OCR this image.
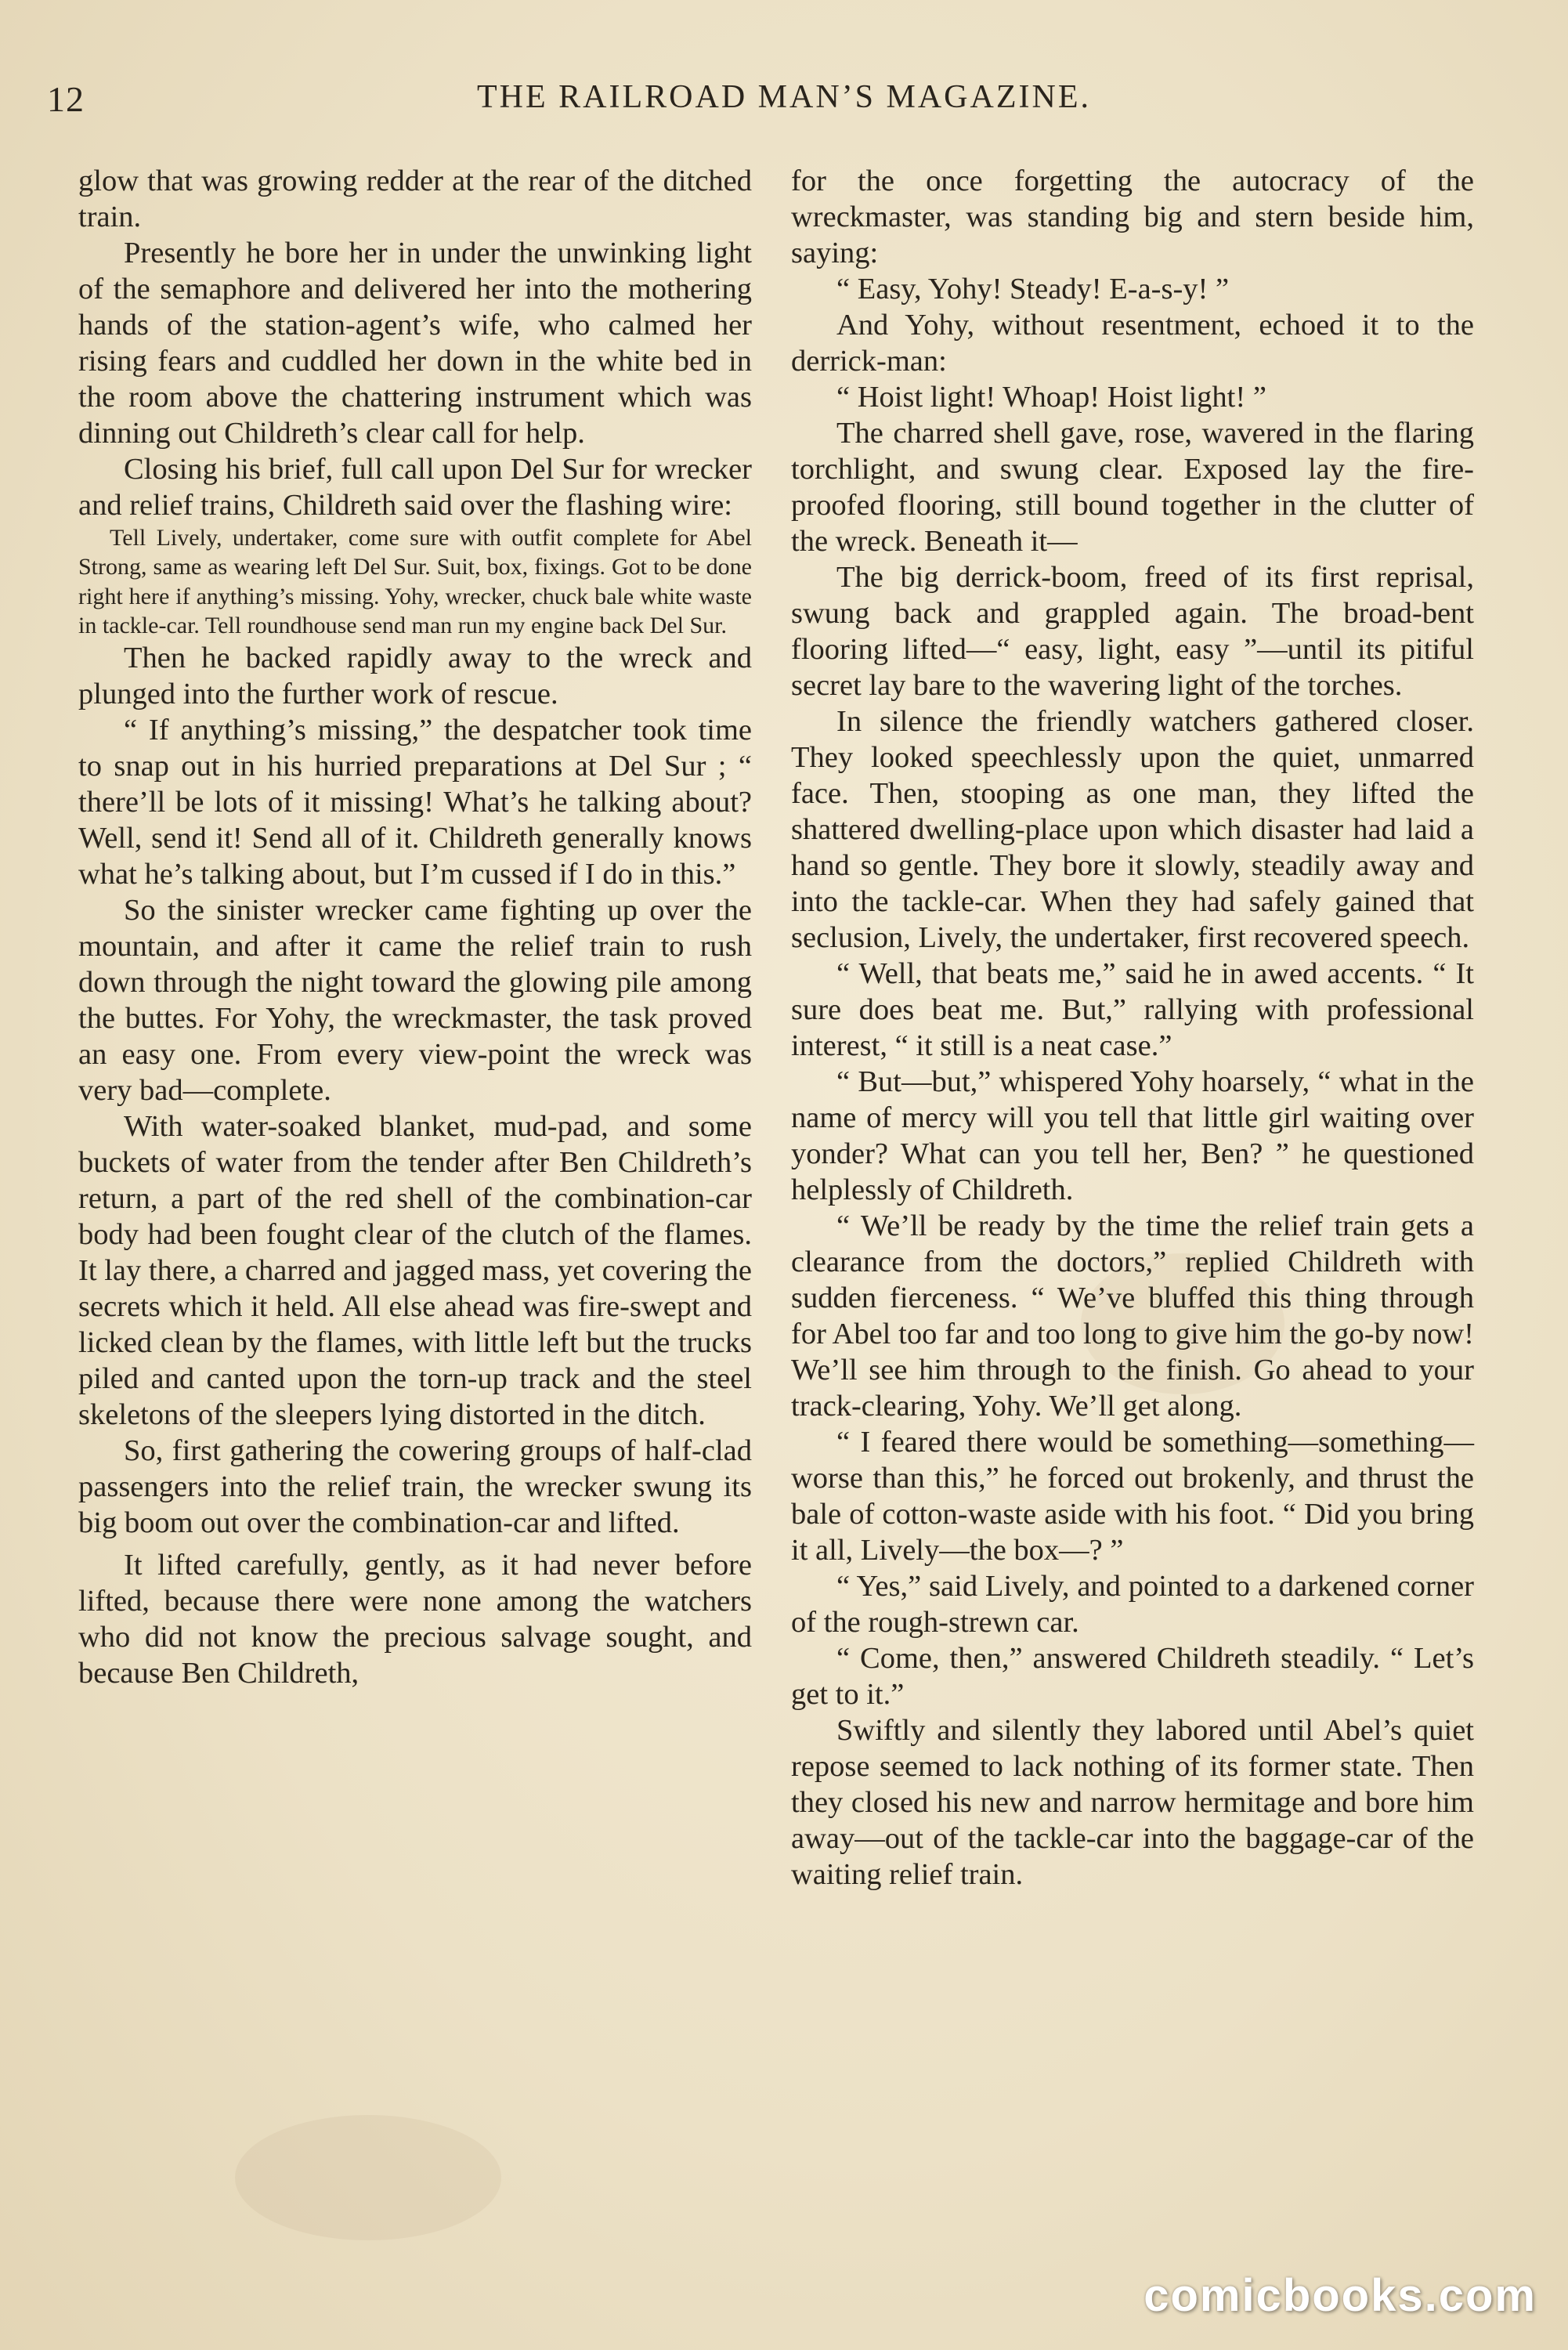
12	THE RAILROAD MAN’S MAGAZINE.

glow that was growing redder at the rear of the ditched train.

Presently he bore her in under the unwinking light of the semaphore and delivered her into the mothering hands of the station-agent’s wife, who calmed her rising fears and cuddled her down in the white bed in the room above the chattering instrument which was dinning out Childreth’s clear call for help.

Closing his brief, full call upon Del Sur for wrecker and relief trains, Childreth said over the flashing wire:

Tell Lively, undertaker, come sure with outfit complete for Abel Strong, same as wearing left Del Sur. Suit, box, fixings. Got to be done right here if anything’s missing. Yohy, wrecker, chuck bale white waste in tackle-car. Tell roundhouse send man run my engine back Del Sur.

Then he backed rapidly away to the wreck and plunged into the further work of rescue.

“ If anything’s missing,” the despatcher took time to snap out in his hurried preparations at Del Sur ; “ there’ll be lots of it missing! What’s he talking about? Well, send it! Send all of it. Childreth generally knows what he’s talking about, but I’m cussed if I do in this.”

So the sinister wrecker came fighting up over the mountain, and after it came the relief train to rush down through the night toward the glowing pile among the buttes. For Yohy, the wreckmaster, the task proved an easy one. From every view-point the wreck was very bad—complete.

With water-soaked blanket, mud-pad, and some buckets of water from the tender after Ben Childreth’s return, a part of the red shell of the combination-car body had been fought clear of the clutch of the flames. It lay there, a charred and jagged mass, yet covering the secrets which it held. All else ahead was fire-swept and licked clean by the flames, with little left but the trucks piled and canted upon the torn-up track and the steel skeletons of the sleepers lying distorted in the ditch.

So, first gathering the cowering groups of half-clad passengers into the relief train, the wrecker swung its big boom out over the combination-car and lifted.

It lifted carefully, gently, as it had never before lifted, because there were none among the watchers who did not know the precious salvage sought, and because Ben Childreth,

for the once forgetting the autocracy of the wreckmaster, was standing big and stern beside him, saying:

“ Easy, Yohy! Steady! E-a-s-y! ”

And Yohy, without resentment, echoed it to the derrick-man:

“ Hoist light! Whoap! Hoist light! ”

The charred shell gave, rose, wavered in the flaring torchlight, and swung clear. Exposed lay the fire-proofed flooring, still bound together in the clutter of the wreck. Beneath it—

The big derrick-boom, freed of its first reprisal, swung back and grappled again. The broad-bent flooring lifted—“ easy, light, easy ”—until its pitiful secret lay bare to the wavering light of the torches.

In silence the friendly watchers gathered closer. They looked speechlessly upon the quiet, unmarred face. Then, stooping as one man, they lifted the shattered dwelling-place upon which disaster had laid a hand so gentle. They bore it slowly, steadily away and into the tackle-car. When they had safely gained that seclusion, Lively, the undertaker, first recovered speech.

“ Well, that beats me,” said he in awed accents. “ It sure does beat me. But,” rallying with professional interest, “ it still is a neat case.”

“ But—but,” whispered Yohy hoarsely, “ what in the name of mercy will you tell that little girl waiting over yonder? What can you tell her, Ben? ” he questioned helplessly of Childreth.

“ We’ll be ready by the time the relief train gets a clearance from the doctors,” replied Childreth with sudden fierceness. “ We’ve bluffed this thing through for Abel too far and too long to give him the go-by now! We’ll see him through to the finish. Go ahead to your track-clearing, Yohy. We’ll get along.

“ I feared there would be something—something—worse than this,” he forced out brokenly, and thrust the bale of cotton-waste aside with his foot. “ Did you bring it all, Lively—the box—? ”

“ Yes,” said Lively, and pointed to a darkened corner of the rough-strewn car.

“ Come, then,” answered Childreth steadily. “ Let’s get to it.”

Swiftly and silently they labored until Abel’s quiet repose seemed to lack nothing of its former state. Then they closed his new and narrow hermitage and bore him away—out of the tackle-car into the baggage-car of the waiting relief train.

comicbooks.com
